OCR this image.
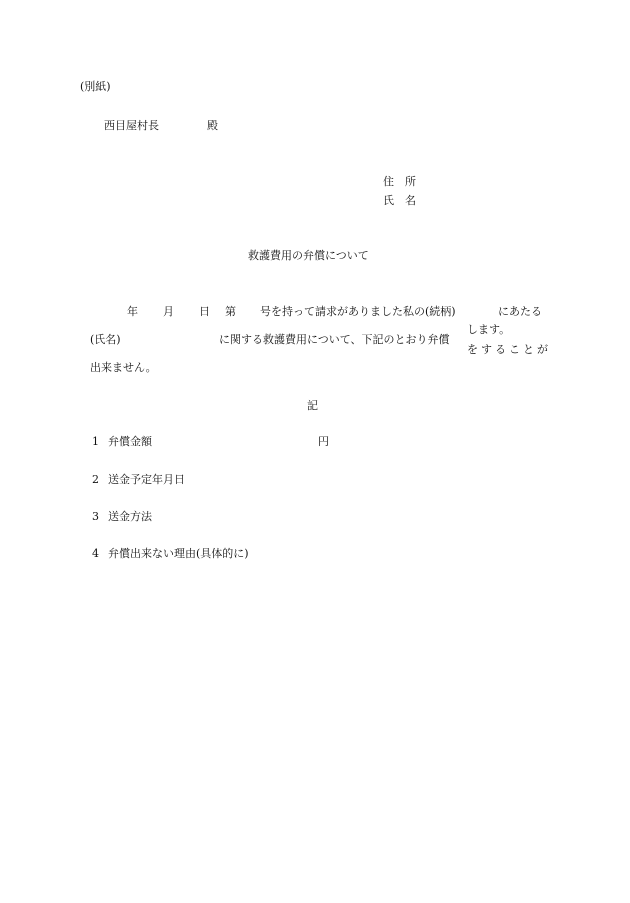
(別紙)
西目屋村長	殿
住　所
氏　名
救護費用の弁償について
年 月 日 第 号を持って請求がありました私の(続柄)	にあたる
(氏名)	に関する救護費用について、下記のとおり弁償
します。
をすることが
出来ません。
記
1 弁償金額	円
2 送金予定年月日
3 送金方法
4 弁償出来ない理由(具体的に)
